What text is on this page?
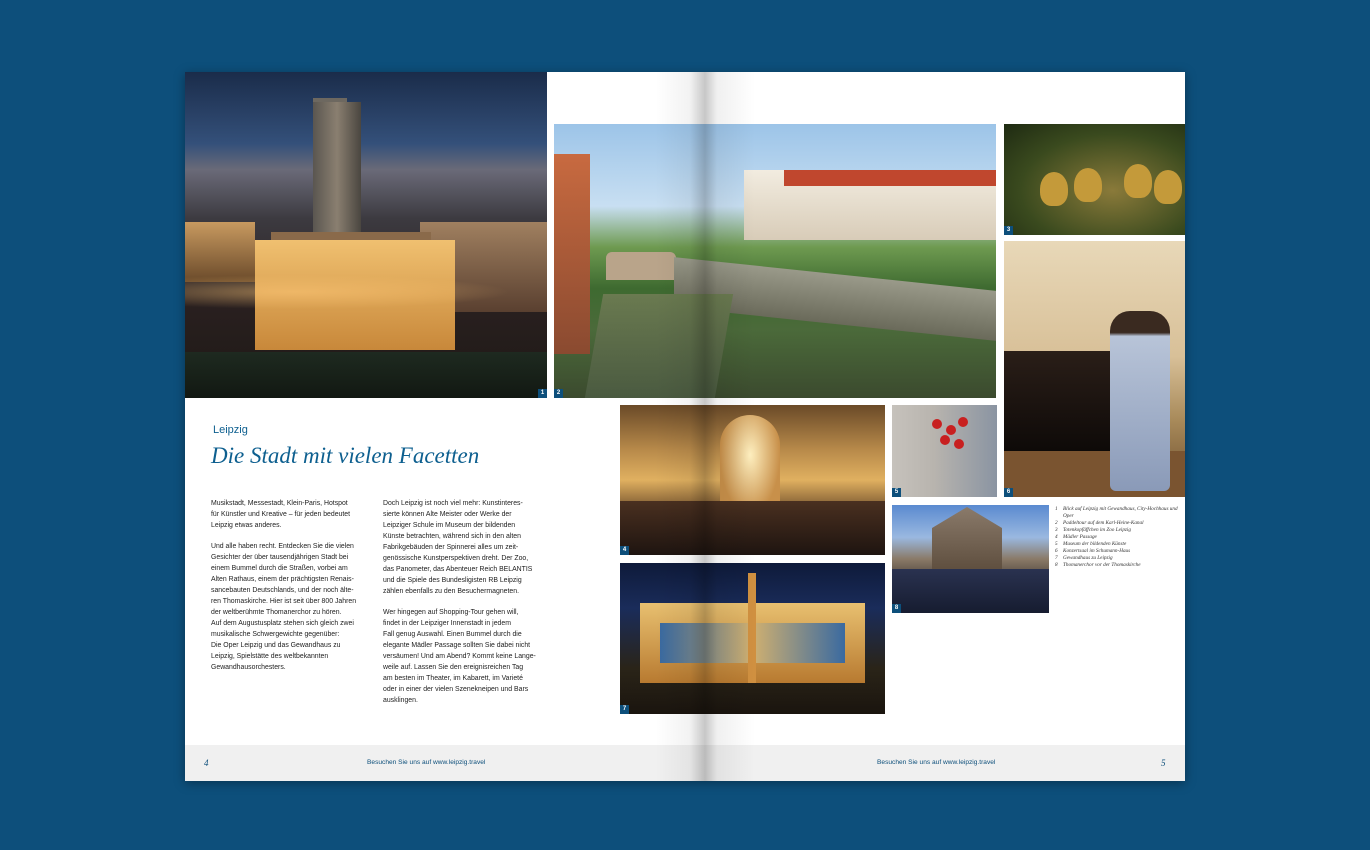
1	2
3
4
5	6
7
8
1	Blick auf Leipzig mit Gewandhaus, City-Hochhaus und Oper
2	Paddeltour auf dem Karl-Heine-Kanal
3	Totenkopfäffchen im Zoo Leipzig
4	Mädler Passage
5	Museum der bildenden Künste
6	Konzertsaal im Schumann-Haus
7	Gewandhaus zu Leipzig
8	Thomanerchor vor der Thomaskirche
Leipzig
Die Stadt mit vielen Facetten

Musikstadt, Messestadt, Klein-Paris, Hotspot
für Künstler und Kreative – für jeden bedeutet
Leipzig etwas anderes.

Und alle haben recht. Entdecken Sie die vielen
Gesichter der über tausendjährigen Stadt bei
einem Bummel durch die Straßen, vorbei am
Alten Rathaus, einem der prächtigsten Renais-
sancebauten Deutschlands, und der noch älte-
ren Thomaskirche. Hier ist seit über 800 Jahren
der weltberühmte Thomanerchor zu hören.
Auf dem Augustusplatz stehen sich gleich zwei
musikalische Schwergewichte gegenüber:
Die Oper Leipzig und das Gewandhaus zu
Leipzig, Spielstätte des weltbekannten
Gewandhausorchesters.

Doch Leipzig ist noch viel mehr: Kunstinteres-
sierte können Alte Meister oder Werke der
Leipziger Schule im Museum der bildenden
Künste betrachten, während sich in den alten
Fabrikgebäuden der Spinnerei alles um zeit-
genössische Kunstperspektiven dreht. Der Zoo,
das Panometer, das Abenteuer Reich BELANTIS
und die Spiele des Bundesligisten RB Leipzig
zählen ebenfalls zu den Besuchermagneten.

Wer hingegen auf Shopping-Tour gehen will,
findet in der Leipziger Innenstadt in jedem
Fall genug Auswahl. Einen Bummel durch die
elegante Mädler Passage sollten Sie dabei nicht
versäumen! Und am Abend? Kommt keine Lange-
weile auf. Lassen Sie den ereignisreichen Tag
am besten im Theater, im Kabarett, im Varieté
oder in einer der vielen Szenekneipen und Bars
ausklingen.

4	Besuchen Sie uns auf www.leipzig.travel	Besuchen Sie uns auf www.leipzig.travel	5
